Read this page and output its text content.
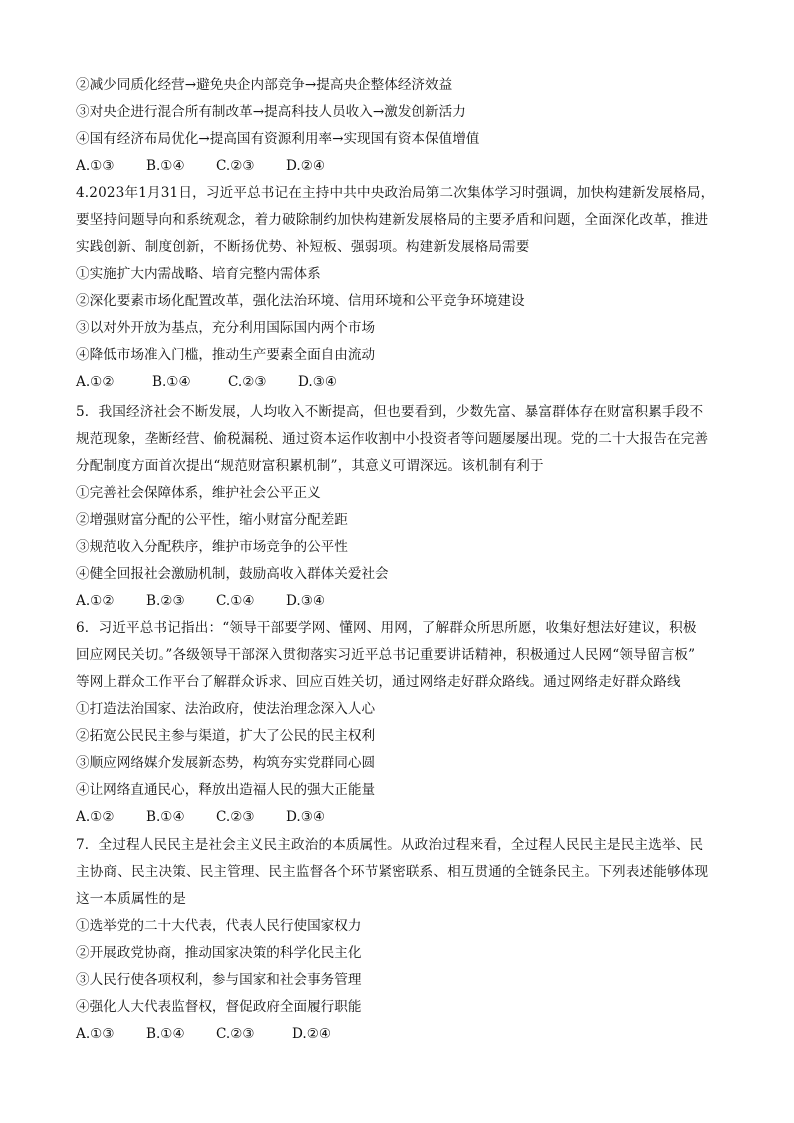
②减少同质化经营→避免央企内部竞争→提高央企整体经济效益
③对央企进行混合所有制改革→提高科技人员收入→激发创新活力
④国有经济布局优化→提高国有资源利用率→实现国有资本保值增值
A.①③ B.①④ C.②③ D.②④
4.2023年1月31日，习近平总书记在主持中共中央政治局第二次集体学习时强调，加快构建新发展格局，
要坚持问题导向和系统观念，着力破除制约加快构建新发展格局的主要矛盾和问题，全面深化改革，推进
实践创新、制度创新，不断扬优势、补短板、强弱项。构建新发展格局需要
①实施扩大内需战略、培育完整内需体系
②深化要素市场化配置改革，强化法治环境、信用环境和公平竞争环境建设
③以对外开放为基点，充分利用国际国内两个市场
④降低市场准入门槛，推动生产要素全面自由流动
A.①②	B.①④	C.②③ D.③④
5．我国经济社会不断发展，人均收入不断提高，但也要看到，少数先富、暴富群体存在财富积累手段不
规范现象，垄断经营、偷税漏税、通过资本运作收割中小投资者等问题屡屡出现。党的二十大报告在完善
分配制度方面首次提出“规范财富积累机制”，其意义可谓深远。该机制有利于
①完善社会保障体系，维护社会公平正义
②增强财富分配的公平性，缩小财富分配差距
③规范收入分配秩序，维护市场竞争的公平性
④健全回报社会激励机制，鼓励高收入群体关爱社会
A.①② B.②③ C.①④ D.③④
6．习近平总书记指出：“领导干部要学网、懂网、用网，了解群众所思所愿，收集好想法好建议，积极
回应网民关切。”各级领导干部深入贯彻落实习近平总书记重要讲话精神，积极通过人民网“领导留言板”
等网上群众工作平台了解群众诉求、回应百姓关切，通过网络走好群众路线。通过网络走好群众路线
①打造法治国家、法治政府，使法治理念深入人心
②拓宽公民民主参与渠道，扩大了公民的民主权利
③顺应网络媒介发展新态势，构筑夯实党群同心圆
④让网络直通民心，释放出造福人民的强大正能量
A.①② B.①④ C.②③ D.③④
7．全过程人民民主是社会主义民主政治的本质属性。从政治过程来看，全过程人民民主是民主选举、民
主协商、民主决策、民主管理、民主监督各个环节紧密联系、相互贯通的全链条民主。下列表述能够体现
这一本质属性的是
①选举党的二十大代表，代表人民行使国家权力
②开展政党协商，推动国家决策的科学化民主化
③人民行使各项权利，参与国家和社会事务管理
④强化人大代表监督权，督促政府全面履行职能
A.①③ B.①④ C.②③	D.②④
